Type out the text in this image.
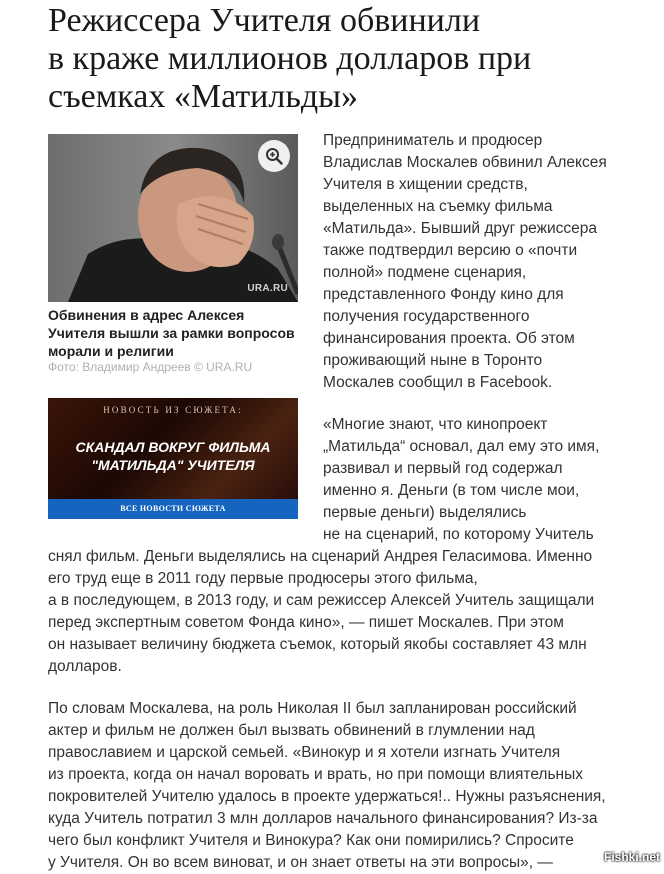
Режиссера Учителя обвинили
в краже миллионов долларов при
съемках «Матильды»
URA.RU

Обвинения в адрес Алексея Учителя вышли за рамки вопросов морали и религии

Фото: Владимир Андреев © URA.RU
НОВОСТЬ ИЗ СЮЖЕТА:
СКАНДАЛ ВОКРУГ ФИЛЬМА
"МАТИЛЬДА" УЧИТЕЛЯ
ВСЕ НОВОСТИ СЮЖЕТА

Предприниматель и продюсер
Владислав Москалев обвинил Алексея
Учителя в хищении средств,
выделенных на съемку фильма
«Матильда». Бывший друг режиссера
также подтвердил версию о «почти
полной» подмене сценария,
представленного Фонду кино для
получения государственного
финансирования проекта. Об этом
проживающий ныне в Торонто
Москалев сообщил в Facebook.

«Многие знают, что кинопроект
„Матильда“ основал, дал ему это имя,
развивал и первый год содержал
именно я. Деньги (в том числе мои,
первые деньги) выделялись
не на сценарий, по которому Учитель

снял фильм. Деньги выделялись на сценарий Андрея Геласимова. Именно
его труд еще в 2011 году первые продюсеры этого фильма,
а в последующем, в 2013 году, и сам режиссер Алексей Учитель защищали
перед экспертным советом Фонда кино», — пишет Москалев. При этом
он называет величину бюджета съемок, который якобы составляет 43 млн
долларов.

По словам Москалева, на роль Николая II был запланирован российский
актер и фильм не должен был вызвать обвинений в глумлении над
православием и царской семьей. «Винокур и я хотели изгнать Учителя
из проекта, когда он начал воровать и врать, но при помощи влиятельных
покровителей Учителю удалось в проекте удержаться!.. Нужны разъяснения,
куда Учитель потратил 3 млн долларов начального финансирования? Из-за
чего был конфликт Учителя и Винокура? Как они помирились? Спросите
у Учителя. Он во всем виноват, и он знает ответы на эти вопросы», —	Fishki.net
